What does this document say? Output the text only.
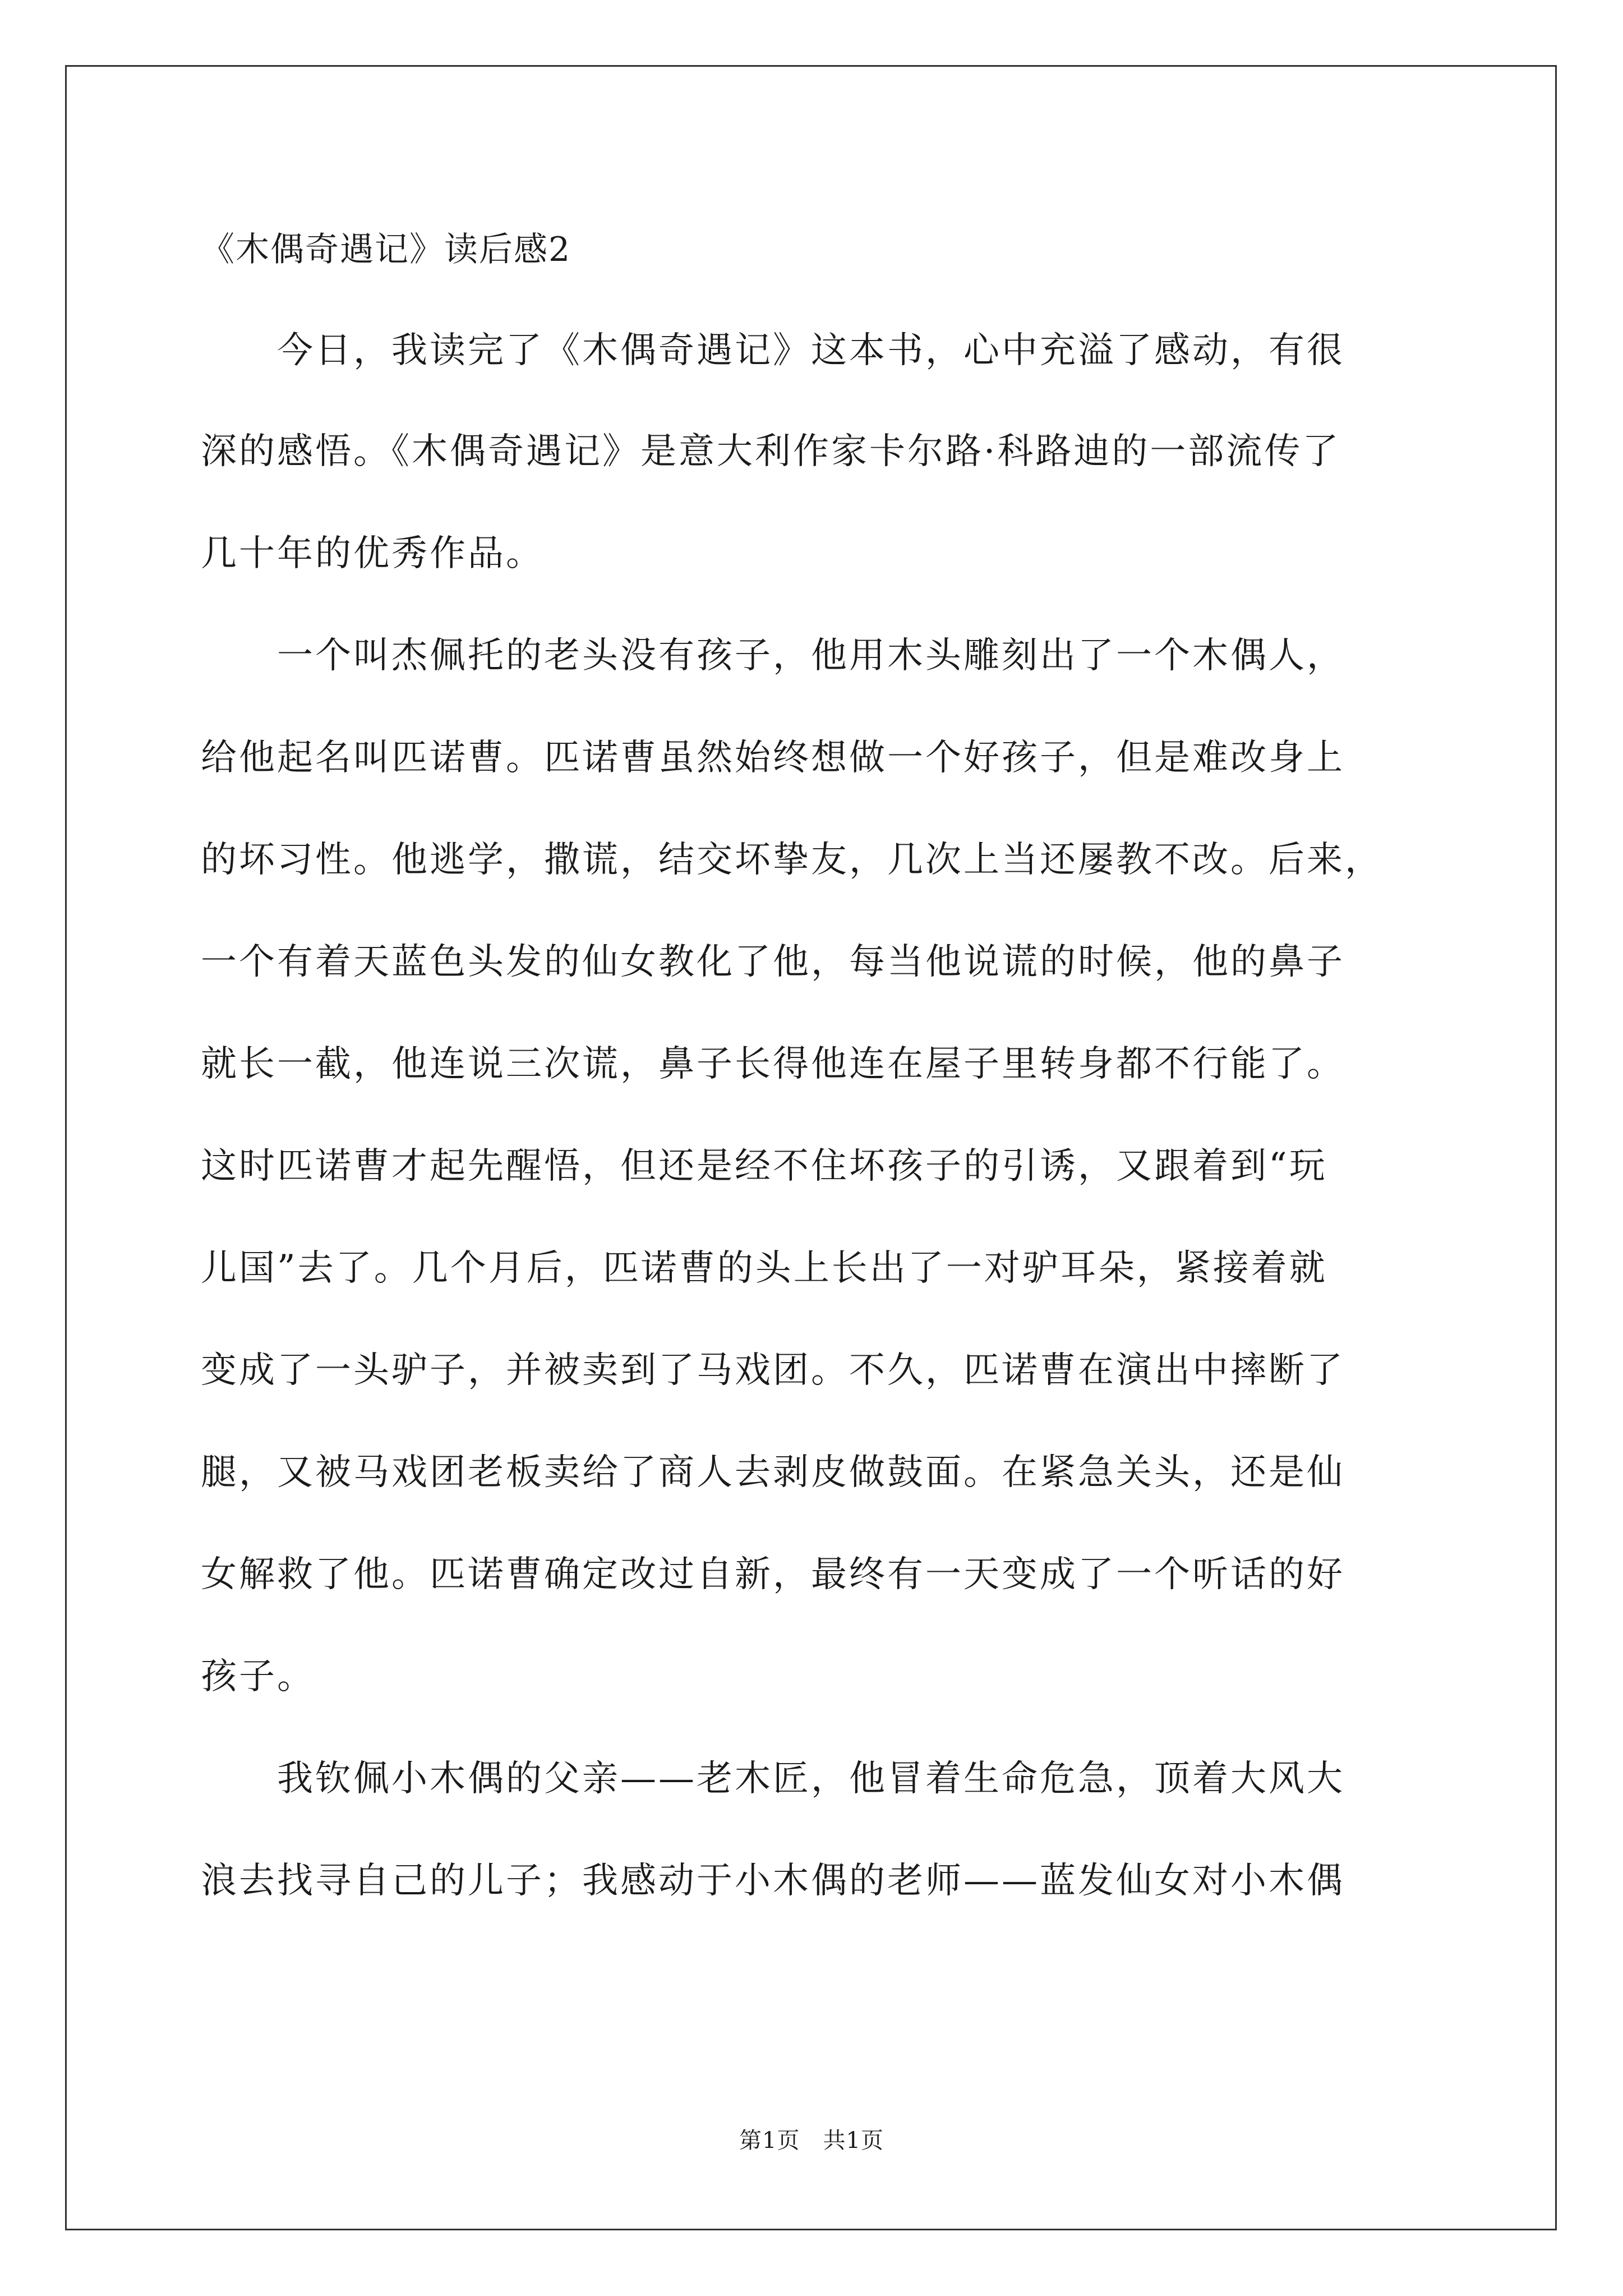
《木偶奇遇记》读后感2
　　今日，我读完了《木偶奇遇记》这本书，心中充溢了感动，有很
深的感悟。《木偶奇遇记》是意大利作家卡尔路·科路迪的一部流传了
几十年的优秀作品。
　　一个叫杰佩托的老头没有孩子，他用木头雕刻出了一个木偶人，
给他起名叫匹诺曹。匹诺曹虽然始终想做一个好孩子，但是难改身上
的坏习性。他逃学，撒谎，结交坏挚友，几次上当还屡教不改。后来，
一个有着天蓝色头发的仙女教化了他，每当他说谎的时候，他的鼻子
就长一截，他连说三次谎，鼻子长得他连在屋子里转身都不行能了。
这时匹诺曹才起先醒悟，但还是经不住坏孩子的引诱，又跟着到“玩
儿国”去了。几个月后，匹诺曹的头上长出了一对驴耳朵，紧接着就
变成了一头驴子，并被卖到了马戏团。不久，匹诺曹在演出中摔断了
腿，又被马戏团老板卖给了商人去剥皮做鼓面。在紧急关头，还是仙
女解救了他。匹诺曹确定改过自新，最终有一天变成了一个听话的好
孩子。
　　我钦佩小木偶的父亲——老木匠，他冒着生命危急，顶着大风大
浪去找寻自己的儿子；我感动于小木偶的老师——蓝发仙女对小木偶
第1页　共1页
